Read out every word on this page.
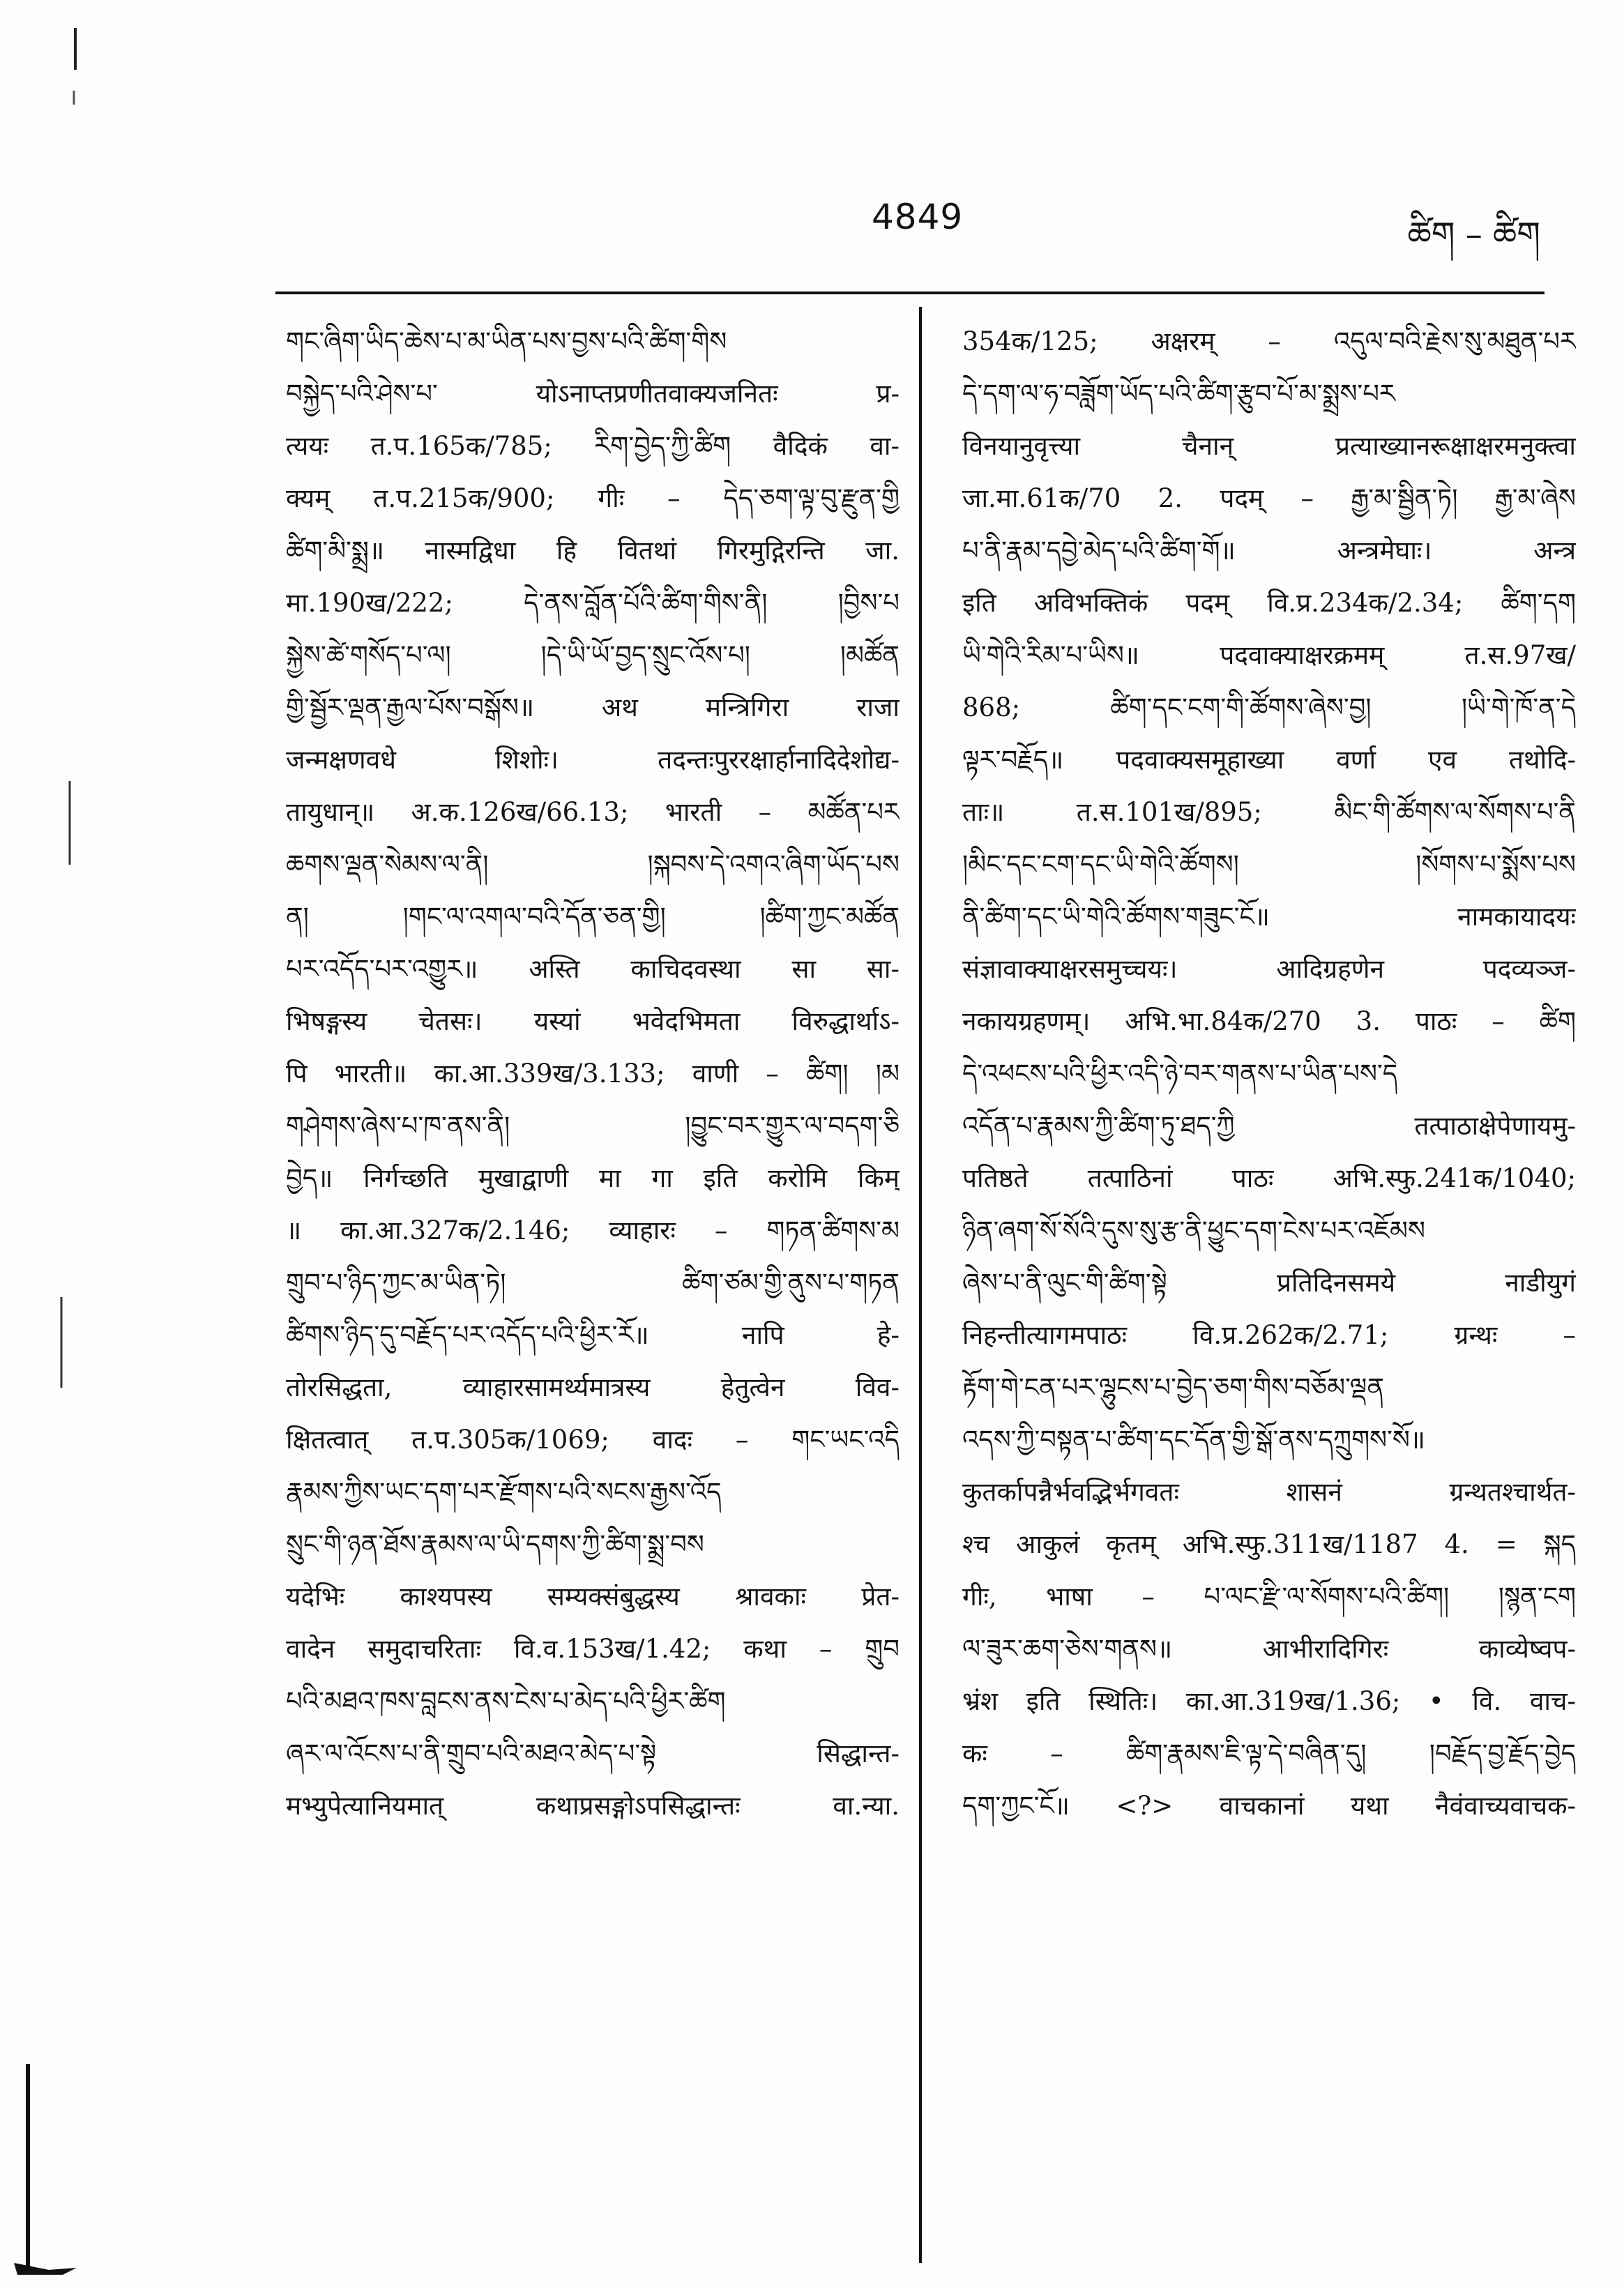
4849	ཚིག – ཚིག
གང་ཞིག་ཡིད་ཆེས་པ་མ་ཡིན་པས་བྱས་པའི་ཚིག་གིས
བསྐྱེད་པའི་ཤེས་པ་ योऽनाप्तप्रणीतवाक्यजनितः प्र-
त्ययः त.प.165क/785; རིག་བྱེད་ཀྱི་ཚིག वैदिकं वा-
क्यम् त.प.215क/900; गीः – དེད་ཅག་ལྟ་བུ་རྫུན་གྱི
ཚིག་མི་སྨྲ॥ नास्मद्विधा हि वितथां गिरमुद्गिरन्ति जा.
मा.190ख/222; དེ་ནས་བློན་པོའི་ཚིག་གིས་ནི། །བྱིས་པ
སྐྱེས་ཚེ་གསོད་པ་ལ། །དེ་ཡི་ཡོ་བྱད་སྲུང་འོས་པ། །མཚོན
གྱི་སྦྱོར་ལྡན་རྒྱལ་པོས་བསྒོས॥ अथ मन्त्रिगिरा राजा
जन्मक्षणवधे शिशोः। तदन्तःपुररक्षार्हानादिदेशोद्य-
तायुधान्॥ अ.क.126ख/66.13; भारती – མཚོན་པར
ཆགས་ལྡན་སེམས་ལ་ནི། །སྐབས་དེ་འགའ་ཞིག་ཡོད་པས
ན། །གང་ལ་འགལ་བའི་དོན་ཅན་གྱི། །ཚིག་ཀྱང་མཚོན
པར་འདོད་པར་འགྱུར॥ अस्ति काचिदवस्था सा सा-
भिषङ्गस्य चेतसः। यस्यां भवेदभिमता विरुद्धार्थाऽ-
पि भारती॥ का.आ.339ख/3.133; वाणी – ཚིག། །མ
གཤེགས་ཞེས་པ་ཁ་ནས་ནི། །བྱུང་བར་གྱུར་ལ་བདག་ཅི
བྱེད॥ निर्गच्छति मुखाद्वाणी मा गा इति करोमि किम्
॥ का.आ.327क/2.146; व्याहारः – གཏན་ཚིགས་མ
གྲུབ་པ་ཉིད་ཀྱང་མ་ཡིན་ཏེ། ཚིག་ཙམ་གྱི་ནུས་པ་གཏན
ཚིགས་ཉིད་དུ་བརྗོད་པར་འདོད་པའི་ཕྱིར་རོ॥ नापि हे-
तोरसिद्धता, व्याहारसामर्थ्यमात्रस्य हेतुत्वेन विव-
क्षितत्वात् त.प.305क/1069; वादः – གང་ཡང་འདི
རྣམས་ཀྱིས་ཡང་དག་པར་རྫོགས་པའི་སངས་རྒྱས་འོད
སྲུང་གི་ཉན་ཐོས་རྣམས་ལ་ཡི་དགས་ཀྱི་ཚིག་སྨྲ་བས
यदेभिः काश्यपस्य सम्यक्संबुद्धस्य श्रावकाः प्रेत-
वादेन समुदाचरिताः वि.व.153ख/1.42; कथा – གྲུབ
པའི་མཐའ་ཁས་བླངས་ནས་ངེས་པ་མེད་པའི་ཕྱིར་ཚིག
ཞར་ལ་འོངས་པ་ནི་གྲུབ་པའི་མཐའ་མེད་པ་སྟེ सिद्धान्त-
मभ्युपेत्यानियमात् कथाप्रसङ्गोऽपसिद्धान्तः वा.न्या.
354क/125; अक्षरम् – འདུལ་བའི་རྗེས་སུ་མཐུན་པར
དེ་དག་ལ་ཧ་བཟློག་ཡོད་པའི་ཚིག་རྩུབ་པོ་མ་སྨྲས་པར
विनयानुवृत्त्या चैनान् प्रत्याख्यानरूक्षाक्षरमनुक्त्वा
जा.मा.61क/70 2. पदम् – རྒྱ་མ་སྦྱིན་ཏེ། རྒྱ་མ་ཞེས
པ་ནི་རྣམ་དབྱེ་མེད་པའི་ཚིག་གོ॥ अन्त्रमेघाः। अन्त्र
इति अविभक्तिकं पदम् वि.प्र.234क/2.34; ཚིག་དག
ཡི་གེའི་རིམ་པ་ཡིས॥ पदवाक्याक्षरक्रमम् त.स.97ख/
868; ཚིག་དང་ངག་གི་ཚོགས་ཞེས་བྱ། །ཡི་གེ་ཁོ་ན་དེ
ལྟར་བརྗོད॥ पदवाक्यसमूहाख्या वर्णा एव तथोदि-
ताः॥ त.स.101ख/895; མིང་གི་ཚོགས་ལ་སོགས་པ་ནི
།མིང་དང་ངག་དང་ཡི་གེའི་ཚོགས། །སོགས་པ་སྨོས་པས
ནི་ཚིག་དང་ཡི་གེའི་ཚོགས་གཟུང་ངོ॥ नामकायादयः
संज्ञावाक्याक्षरसमुच्चयः। आदिग्रहणेन पदव्यञ्ज-
नकायग्रहणम्। अभि.भा.84क/270 3. पाठः – ཚིག
དེ་འཕངས་པའི་ཕྱིར་འདི་ཉེ་བར་གནས་པ་ཡིན་པས་དེ
འདོན་པ་རྣམས་ཀྱི་ཚིག་ཏུ་ཐད་ཀྱི तत्पाठाक्षेपेणायमु-
पतिष्ठते तत्पाठिनां पाठः अभि.स्फु.241क/1040;
ཉིན་ཞག་སོ་སོའི་དུས་སུ་རྩ་ནི་ཕྱུང་དག་ངེས་པར་འཇོམས
ཞེས་པ་ནི་ལུང་གི་ཚིག་སྟེ प्रतिदिनसमये नाडीयुगं
निहन्तीत्यागमपाठः वि.प्र.262क/2.71; ग्रन्थः –
རྟོག་གེ་ངན་པར་ལྷུངས་པ་བྱེད་ཅག་གིས་བཅོམ་ལྡན
འདས་ཀྱི་བསྟན་པ་ཚིག་དང་དོན་གྱི་སྒོ་ནས་དཀྲུགས་སོ॥
कुतर्कापन्नैर्भवद्भिर्भगवतः शासनं ग्रन्थतश्चार्थत-
श्च आकुलं कृतम् अभि.स्फु.311ख/1187 4. = སྐད
गीः, भाषा – པ་ལང་རྫི་ལ་སོགས་པའི་ཚིག། །སྙན་ངག
ལ་ཟུར་ཆག་ཅེས་གནས॥ आभीरादिगिरः काव्येष्वप-
भ्रंश इति स्थितिः। का.आ.319ख/1.36; • वि. वाच-
कः – ཚིག་རྣམས་ཇི་ལྟ་དེ་བཞིན་དུ། །བརྗོད་བྱ་རྗོད་བྱེད
དག་ཀྱང་ངོ॥ <?> वाचकानां यथा नैवंवाच्यवाचक-
